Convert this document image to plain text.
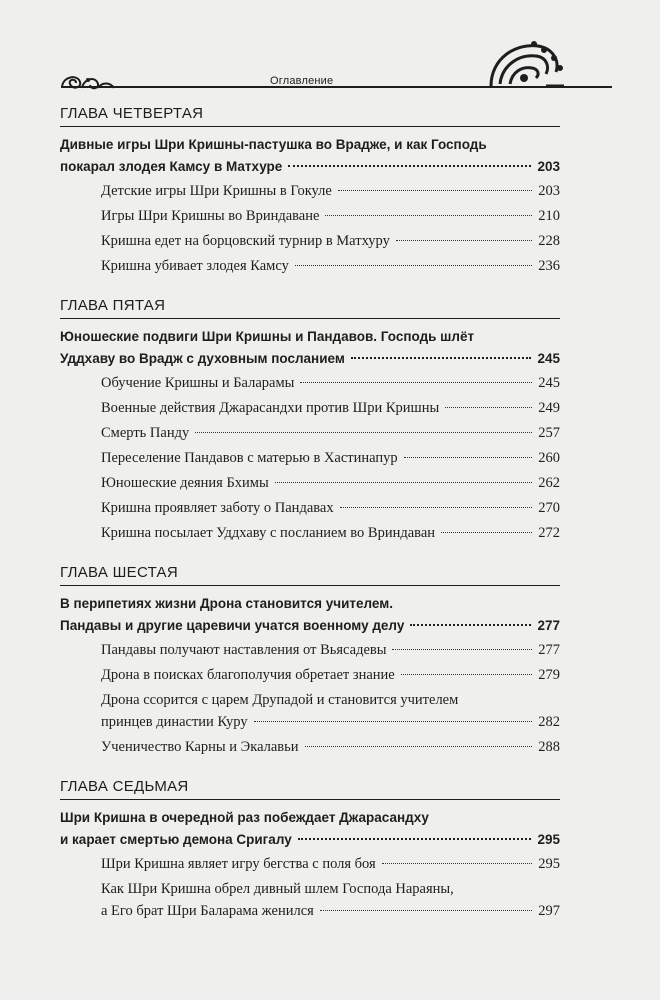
Оглавление
ГЛАВА ЧЕТВЕРТАЯ
Дивные игры Шри Кришны-пастушка во Врадже, и как Господь
покарал злодея Камсу в Матхуре	203
Детские игры Шри Кришны в Гокуле	203
Игры Шри Кришны во Вриндаване	210
Кришна едет на борцовский турнир в Матхуру	228
Кришна убивает злодея Камсу	236
ГЛАВА ПЯТАЯ
Юношеские подвиги Шри Кришны и Пандавов. Господь шлёт
Уддхаву во Врадж с духовным посланием	245
Обучение Кришны и Баларамы	245
Военные действия Джарасандхи против Шри Кришны	249
Смерть Панду	257
Переселение Пандавов с матерью в Хастинапур	260
Юношеские деяния Бхимы	262
Кришна проявляет заботу о Пандавах	270
Кришна посылает Уддхаву с посланием во Вриндаван	272
ГЛАВА ШЕСТАЯ
В перипетиях жизни Дрона становится учителем.
Пандавы и другие царевичи учатся военному делу	277
Пандавы получают наставления от Вьясадевы	277
Дрона в поисках благополучия обретает знание	279
Дрона ссорится с царем Друпадой и становится учителем
принцев династии Куру	282
Ученичество Карны и Экалавьи	288
ГЛАВА СЕДЬМАЯ
Шри Кришна в очередной раз побеждает Джарасандху
и карает смертью демона Сригалу	295
Шри Кришна являет игру бегства с поля боя	295
Как Шри Кришна обрел дивный шлем Господа Нараяны,
а Его брат Шри Баларама женился	297
